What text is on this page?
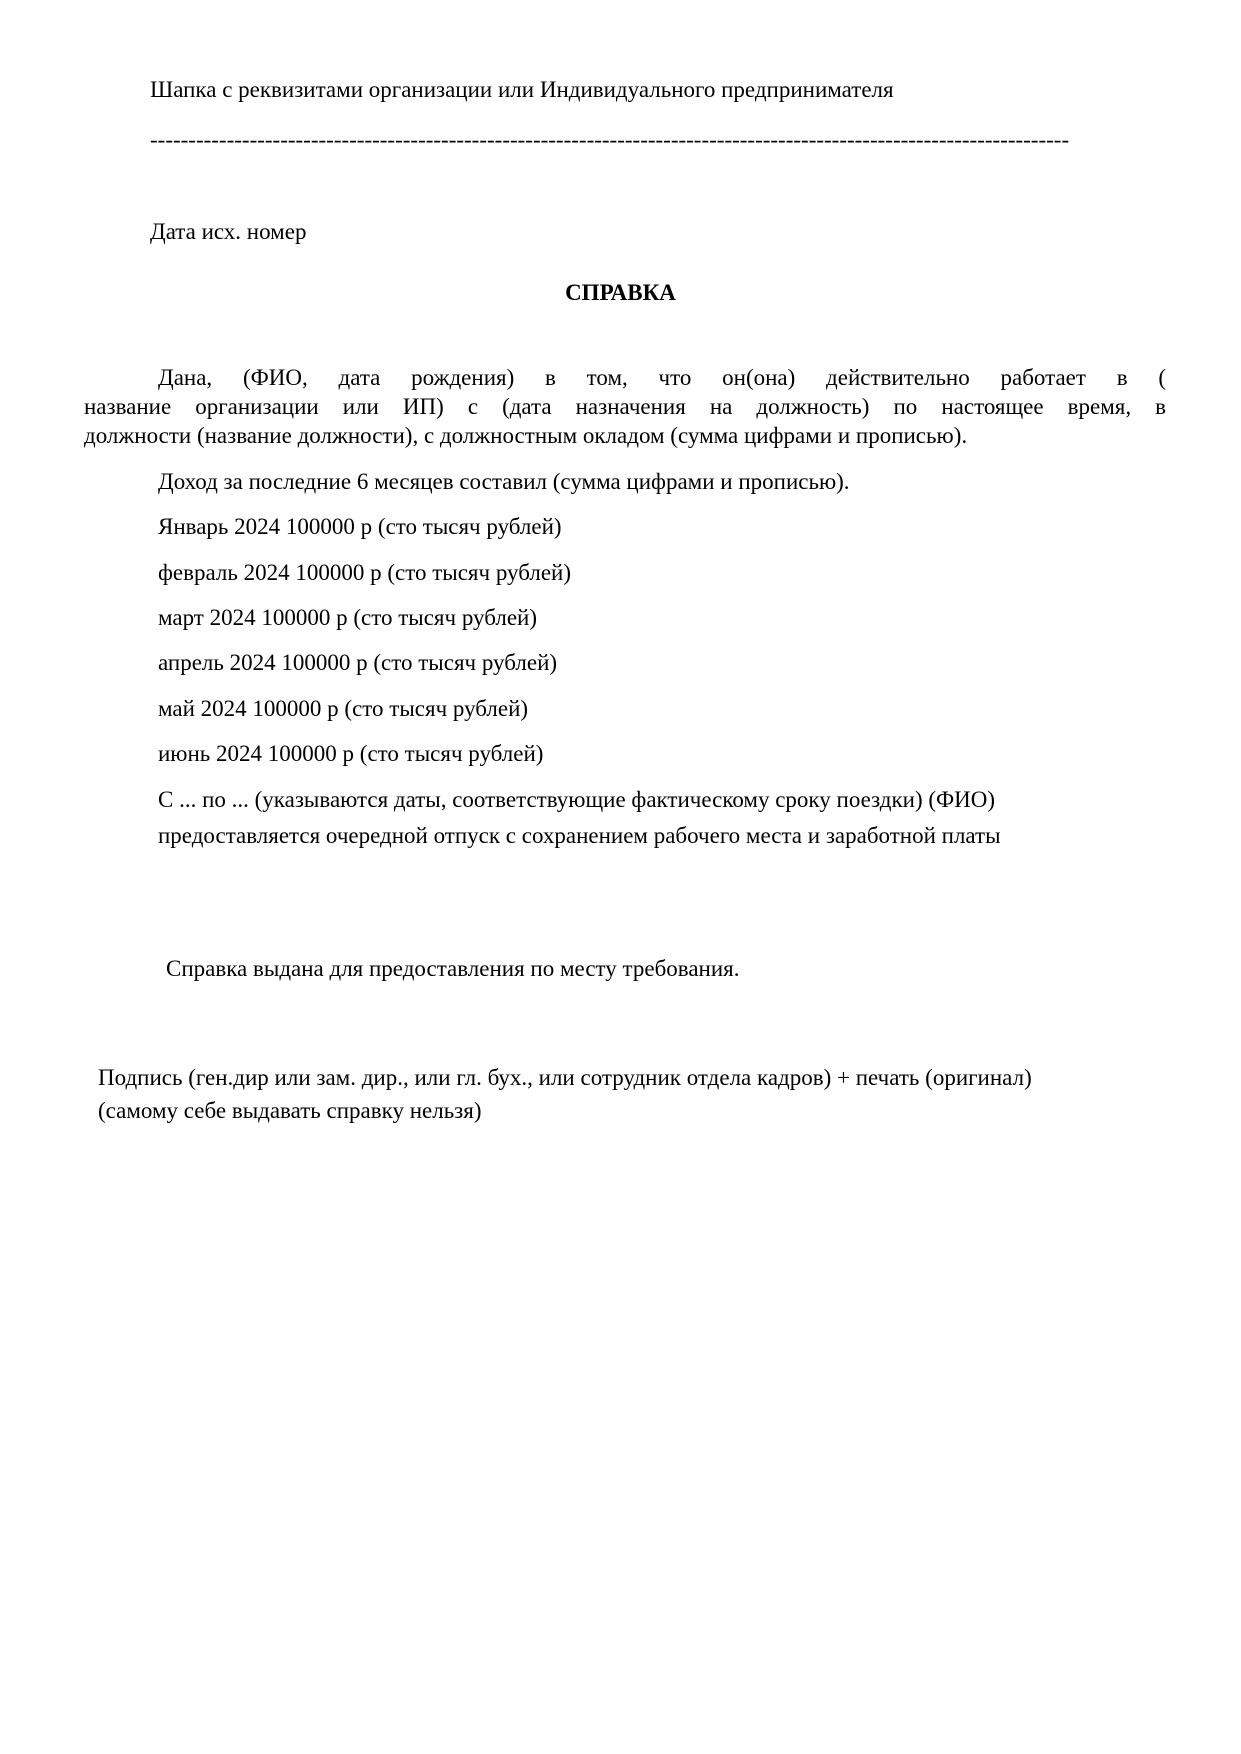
Шапка с реквизитами организации или Индивидуального предпринимателя
------------------------------------------------------------------------------------------------------------------------
Дата исх. номер
СПРАВКА
Дана, (ФИО, дата рождения) в том, что он(она) действительно работает в (
название организации или ИП) с (дата назначения на должность) по настоящее время, в
должности (название должности), с должностным окладом (сумма цифрами и прописью).
Доход за последние 6 месяцев составил (сумма цифрами и прописью).
Январь 2024 100000 р (сто тысяч рублей)
февраль 2024 100000 р (сто тысяч рублей)
март 2024 100000 р (сто тысяч рублей)
апрель 2024 100000 р (сто тысяч рублей)
май 2024 100000 р (сто тысяч рублей)
июнь 2024 100000 р (сто тысяч рублей)
С ... по ... (указываются даты, соответствующие фактическому сроку поездки) (ФИО)
предоставляется очередной отпуск с сохранением рабочего места и заработной платы
Справка выдана для предоставления по месту требования.
Подпись (ген.дир или зам. дир., или гл. бух., или сотрудник отдела кадров) + печать (оригинал)
(самому себе выдавать справку нельзя)
